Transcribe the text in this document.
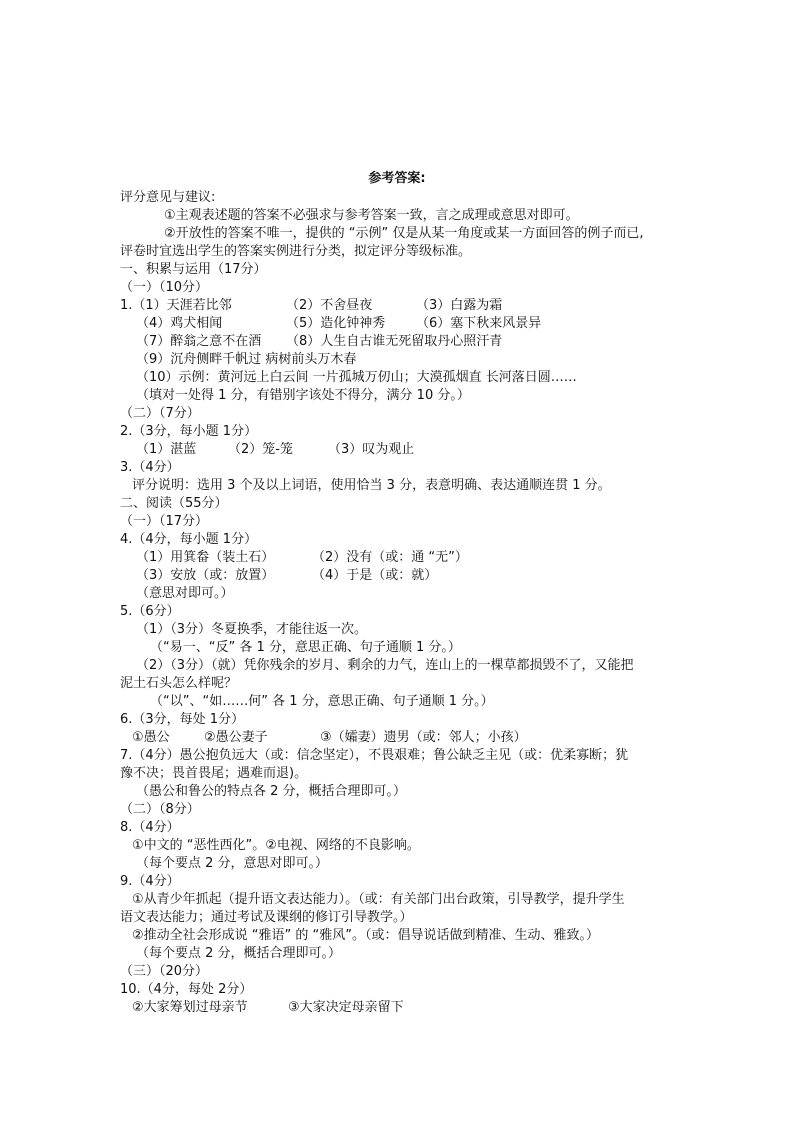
参考答案:
评分意见与建议:
①主观表述题的答案不必强求与参考答案一致，言之成理或意思对即可。
②开放性的答案不唯一，提供的 “示例” 仅是从某一角度或某一方面回答的例子而已,
评卷时宜选出学生的答案实例进行分类，拟定评分等级标准。
一、积累与运用（17分）
（一）（10分）
1.（1）天涯若比邻	（2）不舍昼夜	（3）白露为霜
（4）鸡犬相闻	（5）造化钟神秀 （6）塞下秋来风景异
（7）醉翁之意不在酒 （8）人生自古谁无死留取丹心照汗青
（9）沉舟侧畔千帆过 病树前头万木春
（10）示例：黄河远上白云间 一片孤城万仞山；大漠孤烟直 长河落日圆……
（填对一处得 1 分，有错别字该处不得分，满分 10 分。）
（二）（7分）
2.（3分，每小题 1分）
（1）湛蓝 （2）笼-笼	（3）叹为观止
3.（4分）
评分说明：选用 3 个及以上词语，使用恰当 3 分，表意明确、表达通顺连贯 1 分。
二、阅读（55分）
（一）（17分）
4.（4分，每小题 1分）
（1）用箕畚（装土石）	（2）没有（或：通 “无”）
（3）安放（或：放置）	（4）于是（或：就）
（意思对即可。）
5.（6分）
（1）（3分）冬夏换季，才能往返一次。
（“易一、“反” 各 1 分，意思正确、句子通顺 1 分。）
（2）（3分）（就）凭你残余的岁月、剩余的力气，连山上的一棵草都损毁不了，又能把
泥土石头怎么样呢？
（“以”、“如……何” 各 1 分，意思正确、句子通顺 1 分。）
6.（3分，每处 1分）
①愚公	②愚公妻子	③（孀妻）遗男（或：邻人；小孩）
7.（4分）愚公抱负远大（或：信念坚定），不畏艰难；鲁公缺乏主见（或：优柔寡断；犹
豫不决；畏首畏尾；遇难而退)。
（愚公和鲁公的特点各 2 分，概括合理即可。）
（二）（8分）
8.（4分）
①中文的 “恶性西化”。②电视、网络的不良影响。
（每个要点 2 分，意思对即可。）
9.（4分）
①从青少年抓起（提升语文表达能力）。（或：有关部门出台政策，引导教学，提升学生
语文表达能力；通过考试及课纲的修订引导教学。）
②推动全社会形成说 “雅语” 的 “雅风”。（或：倡导说话做到精准、生动、雅致。）
（每个要点 2 分，概括合理即可。）
（三）（20分）
10.（4分，每处 2分）
②大家筹划过母亲节	③大家决定母亲留下
